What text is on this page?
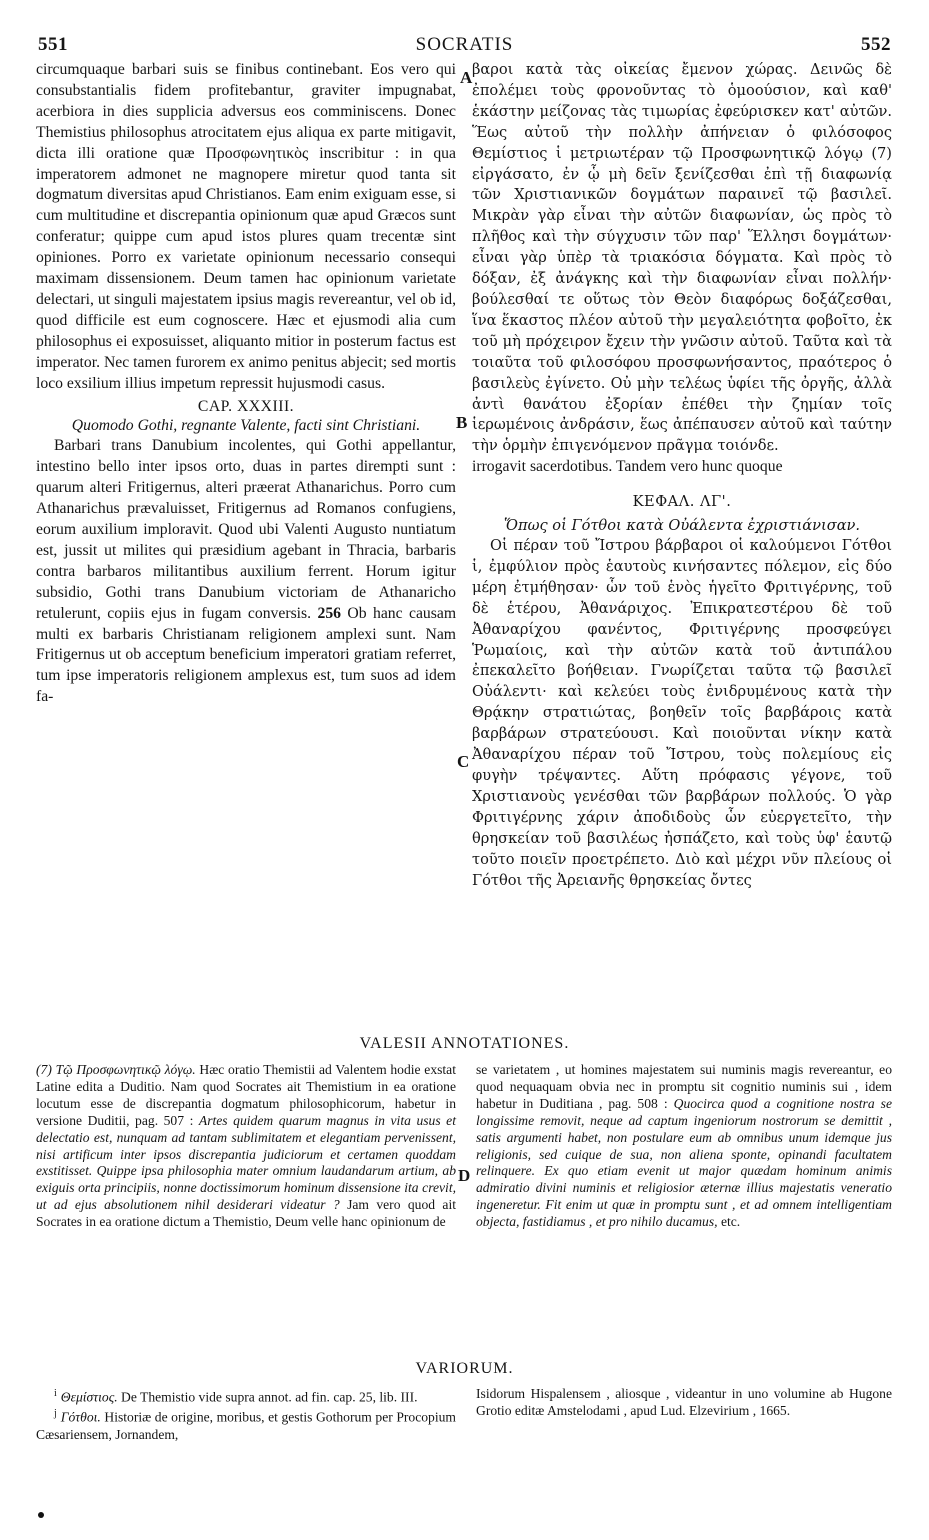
551	SOCRATIS	552

circumquaque barbari suis se finibus continebant. Eos vero qui consubstantialis fidem profitebantur, graviter impugnabat, acerbiora in dies supplicia adversus eos comminiscens. Donec Themistius philosophus atrocitatem ejus aliqua ex parte mitigavit, dicta illi oratione quæ Προσφωνητικὸς inscribitur : in qua imperatorem admonet ne magnopere miretur quod tanta sit dogmatum diversitas apud Christianos. Eam enim exiguam esse, si cum multitudine et discrepantia opinionum quæ apud Græcos sunt conferatur; quippe cum apud istos plures quam trecentæ sint opiniones. Porro ex varietate opinionum necessario consequi maximam dissensionem. Deum tamen hac opinionum varietate delectari, ut singuli majestatem ipsius magis revereantur, vel ob id, quod difficile est eum cognoscere. Hæc et ejusmodi alia cum philosophus ei exposuisset, aliquanto mitior in posterum factus est imperator. Nec tamen furorem ex animo penitus abjecit; sed mortis loco exsilium illius impetum repressit hujusmodi casus.

CAP. XXXIII.

Quomodo Gothi, regnante Valente, facti sint Christiani.

Barbari trans Danubium incolentes, qui Gothi appellantur, intestino bello inter ipsos orto, duas in partes dirempti sunt : quarum alteri Fritigernus, alteri præerat Athanarichus. Porro cum Athanarichus prævaluisset, Fritigernus ad Romanos confugiens, eorum auxilium imploravit. Quod ubi Valenti Augusto nuntiatum est, jussit ut milites qui præsidium agebant in Thracia, barbaris contra barbaros militantibus auxilium ferrent. Horum igitur subsidio, Gothi trans Danubium victoriam de Athanaricho retulerunt, copiis ejus in fugam conversis. 256 Ob hanc causam multi ex barbaris Christianam religionem amplexi sunt. Nam Fritigernus ut ob acceptum beneficium imperatori gratiam referret, tum ipse imperatoris religionem amplexus est, tum suos ad idem fa-

βαροι κατὰ τὰς οἰκείας ἔμενον χώρας. Δεινῶς δὲ ἐπολέμει τοὺς φρονοῦντας τὸ ὁμοούσιον, καὶ καθ' ἑκάστην μείζονας τὰς τιμωρίας ἐφεύρισκεν κατ' αὐτῶν. Ἕως αὐτοῦ τὴν πολλὴν ἀπήνειαν ὁ φιλόσοφος Θεμίστιος ἱ μετριωτέραν τῷ Προσφωνητικῷ λόγῳ (7) εἰργάσατο, ἐν ᾧ μὴ δεῖν ξενίζεσθαι ἐπὶ τῇ διαφωνίᾳ τῶν Χριστιανικῶν δογμάτων παραινεῖ τῷ βασιλεῖ. Μικρὰν γὰρ εἶναι τὴν αὐτῶν διαφωνίαν, ὡς πρὸς τὸ πλῆθος καὶ τὴν σύγχυσιν τῶν παρ' Ἕλλησι δογμάτων· εἶναι γὰρ ὑπὲρ τὰ τριακόσια δόγματα. Καὶ πρὸς τὸ δόξαν, ἐξ ἀνάγκης καὶ τὴν διαφωνίαν εἶναι πολλήν· βούλεσθαί τε οὕτως τὸν Θεὸν διαφόρως δοξάζεσθαι, ἵνα ἕκαστος πλέον αὐτοῦ τὴν μεγαλειότητα φοβοῖτο, ἐκ τοῦ μὴ πρόχειρον ἔχειν τὴν γνῶσιν αὐτοῦ. Ταῦτα καὶ τὰ τοιαῦτα τοῦ φιλοσόφου προσφωνήσαντος, πραότερος ὁ βασιλεὺς ἐγίνετο. Οὐ μὴν τελέως ὑφίει τῆς ὀργῆς, ἀλλὰ ἀντὶ θανάτου ἐξορίαν ἐπέθει τὴν ζημίαν τοῖς ἱερωμένοις ἀνδράσιν, ἕως ἀπέπαυσεν αὐτοῦ καὶ ταύτην τὴν ὁρμὴν ἐπιγενόμενον πρᾶγμα τοιόνδε.

irrogavit sacerdotibus. Tandem vero hunc quoque

ΚΕΦΑΛ. ΛΓ'.

Ὅπως οἱ Γότθοι κατὰ Οὐάλεντα ἐχριστιάνισαν.

Οἱ πέραν τοῦ Ἴστρου βάρβαροι οἱ καλούμενοι Γότθοι ἱ, ἐμφύλιον πρὸς ἑαυτοὺς κινήσαντες πόλεμον, εἰς δύο μέρη ἐτμήθησαν· ὧν τοῦ ἑνὸς ἡγεῖτο Φριτιγέρνης, τοῦ δὲ ἑτέρου, Ἀθανάριχος. Ἐπικρατεστέρου δὲ τοῦ Ἀθαναρίχου φανέντος, Φριτιγέρνης προσφεύγει Ῥωμαίοις, καὶ τὴν αὐτῶν κατὰ τοῦ ἀντιπάλου ἐπεκαλεῖτο βοήθειαν. Γνωρίζεται ταῦτα τῷ βασιλεῖ Οὐάλεντι· καὶ κελεύει τοὺς ἐνιδρυμένους κατὰ τὴν Θρᾴκην στρατιώτας, βοηθεῖν τοῖς βαρβάροις κατὰ βαρβάρων στρατεύουσι. Καὶ ποιοῦνται νίκην κατὰ Ἀθαναρίχου πέραν τοῦ Ἴστρου, τοὺς πολεμίους εἰς φυγὴν τρέψαντες. Αὕτη πρόφασις γέγονε, τοῦ Χριστιανοὺς γενέσθαι τῶν βαρβάρων πολλούς. Ὁ γὰρ Φριτιγέρνης χάριν ἀποδιδοὺς ὧν εὐεργετεῖτο, τὴν θρησκείαν τοῦ βασιλέως ἠσπάζετο, καὶ τοὺς ὑφ' ἑαυτῷ τοῦτο ποιεῖν προετρέπετο. Διὸ καὶ μέχρι νῦν πλείους οἱ Γότθοι τῆς Ἀρειανῆς θρησκείας ὄντες

A
B
C
D
VALESII ANNOTATIONES.
(7) Τῷ Προσφωνητικῷ λόγῳ. Hæc oratio Themistii ad Valentem hodie exstat Latine edita a Duditio. Nam quod Socrates ait Themistium in ea oratione locutum esse de discrepantia dogmatum philosophicorum, habetur in versione Duditii, pag. 507 : Artes quidem quarum magnus in vita usus et delectatio est, nunquam ad tantam sublimitatem et elegantiam pervenissent, nisi artificum inter ipsos discrepantia judiciorum et certamen quoddam exstitisset. Quippe ipsa philosophia mater omnium laudandarum artium, ab exiguis orta principiis, nonne doctissimorum hominum dissensione ita crevit, ut ad ejus absolutionem nihil desiderari videatur ? Jam vero quod ait Socrates in ea oratione dictum a Themistio, Deum velle hanc opinionum de
se varietatem , ut homines majestatem sui numinis magis revereantur, eo quod nequaquam obvia nec in promptu sit cognitio numinis sui , idem habetur in Duditiana , pag. 508 : Quocirca quod a cognitione nostra se longissime removit, neque ad captum ingeniorum nostrorum se demittit , satis argumenti habet, non postulare eum ab omnibus unum idemque jus religionis, sed cuique de sua, non aliena sponte, opinandi facultatem relinquere. Ex quo etiam evenit ut major quædam hominum animis admiratio divini numinis et religiosior æternæ illius majestatis veneratio ingeneretur. Fit enim ut quæ in promptu sunt , et ad omnem intelligentiam objecta, fastidiamus , et pro nihilo ducamus, etc.
VARIORUM.
$^i$ Θεμίστιος. De Themistio vide supra annot. ad fin. cap. 25, lib. III.
$^j$ Γότθοι. Historiæ de origine, moribus, et gestis Gothorum per Procopium Cæsariensem, Jornandem,
Isidorum Hispalensem , aliosque , videantur in uno volumine ab Hugone Grotio editæ Amstelodami , apud Lud. Elzevirium , 1665.
